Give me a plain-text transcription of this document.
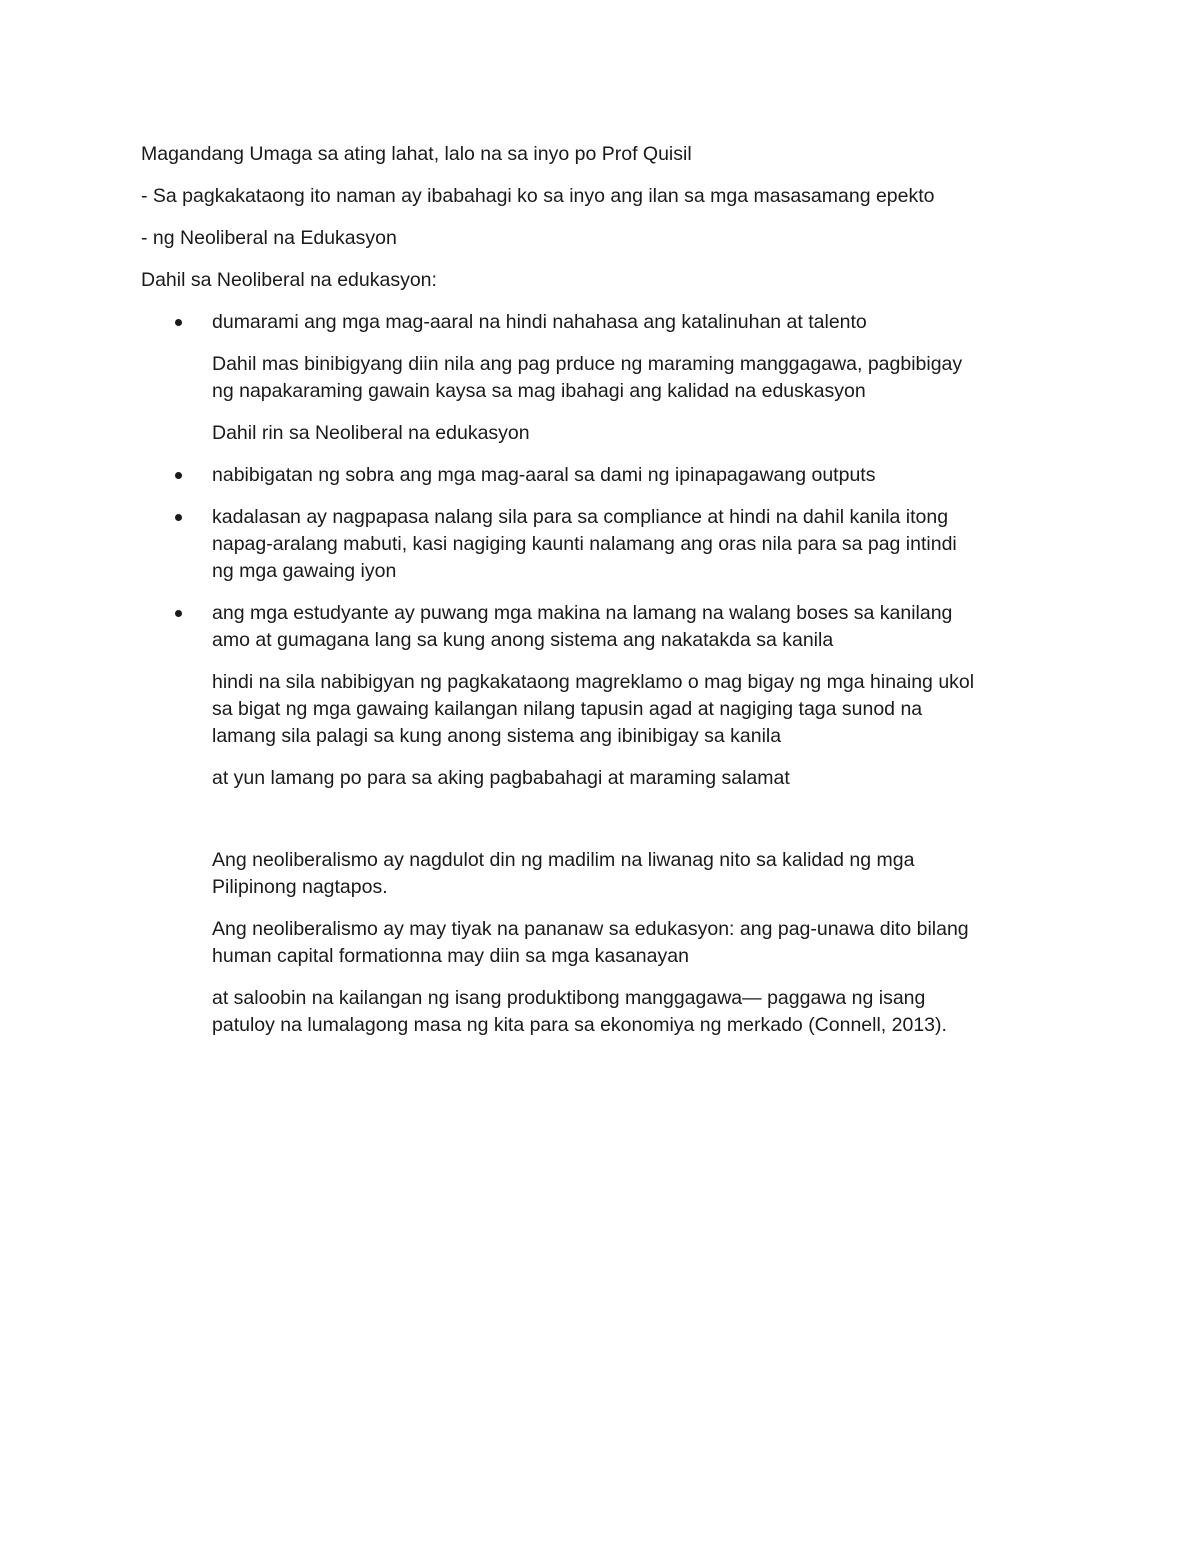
Magandang Umaga sa ating lahat, lalo na sa inyo po Prof Quisil

- Sa pagkakataong ito naman ay ibabahagi ko sa inyo ang ilan sa mga masasamang epekto

- ng Neoliberal na Edukasyon

Dahil sa Neoliberal na edukasyon:

dumarami ang mga mag-aaral na hindi nahahasa ang katalinuhan at talento
Dahil mas binibigyang diin nila ang pag prduce ng maraming manggagawa, pagbibigay
ng napakaraming gawain kaysa sa mag ibahagi ang kalidad na eduskasyon
Dahil rin sa Neoliberal na edukasyon
nabibigatan ng sobra ang mga mag-aaral sa dami ng ipinapagawang outputs
kadalasan ay nagpapasa nalang sila para sa compliance at hindi na dahil kanila itong
napag-aralang mabuti, kasi nagiging kaunti nalamang ang oras nila para sa pag intindi
ng mga gawaing iyon
ang mga estudyante ay puwang mga makina na lamang na walang boses sa kanilang
amo at gumagana lang sa kung anong sistema ang nakatakda sa kanila
hindi na sila nabibigyan ng pagkakataong magreklamo o mag bigay ng mga hinaing ukol
sa bigat ng mga gawaing kailangan nilang tapusin agad at nagiging taga sunod na
lamang sila palagi sa kung anong sistema ang ibinibigay sa kanila
at yun lamang po para sa aking pagbabahagi at maraming salamat
Ang neoliberalismo ay nagdulot din ng madilim na liwanag nito sa kalidad ng mga
Pilipinong nagtapos.
Ang neoliberalismo ay may tiyak na pananaw sa edukasyon: ang pag-unawa dito bilang
human capital formationna may diin sa mga kasanayan
at saloobin na kailangan ng isang produktibong manggagawa— paggawa ng isang
patuloy na lumalagong masa ng kita para sa ekonomiya ng merkado (Connell, 2013).
